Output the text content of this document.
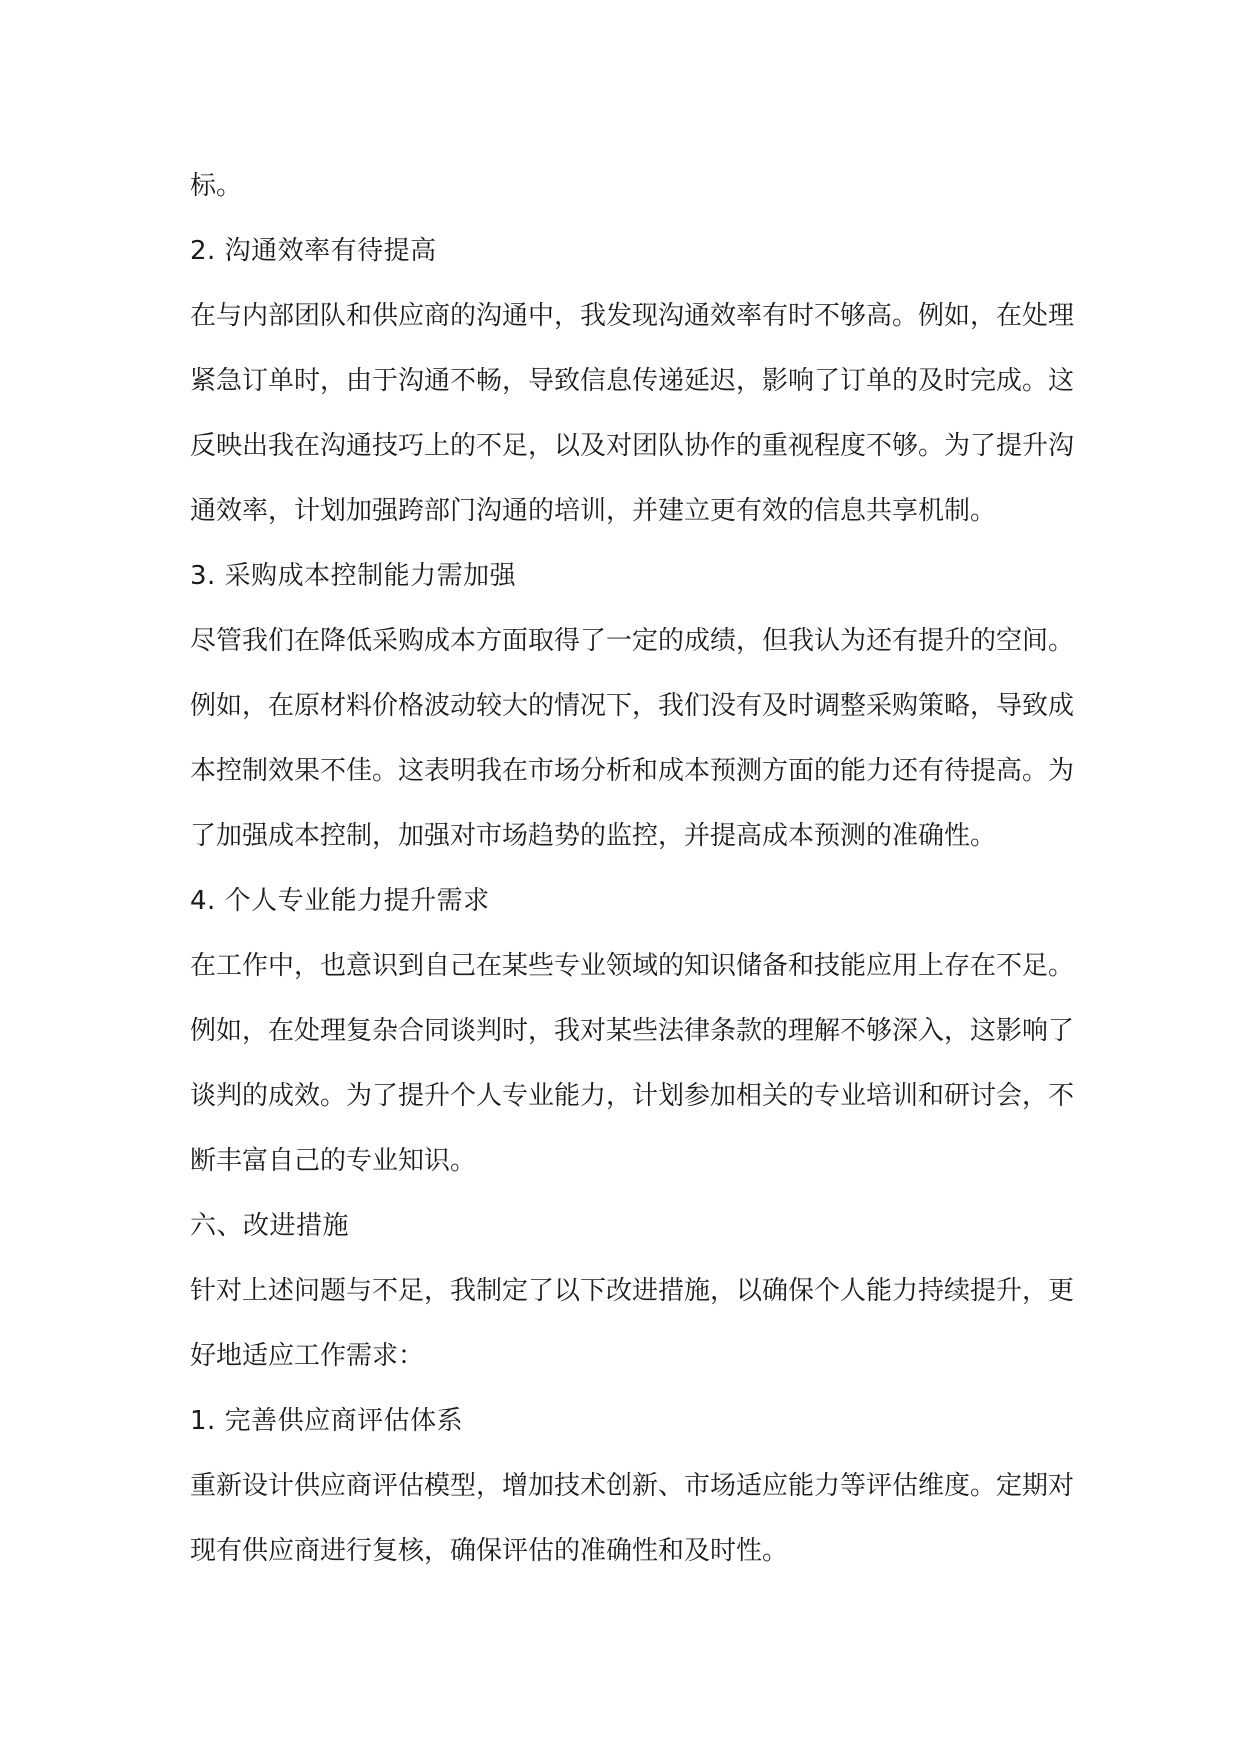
标。
2. 沟通效率有待提高
在与内部团队和供应商的沟通中，我发现沟通效率有时不够高。例如，在处理
紧急订单时，由于沟通不畅，导致信息传递延迟，影响了订单的及时完成。这
反映出我在沟通技巧上的不足，以及对团队协作的重视程度不够。为了提升沟
通效率，计划加强跨部门沟通的培训，并建立更有效的信息共享机制。
3. 采购成本控制能力需加强
尽管我们在降低采购成本方面取得了一定的成绩，但我认为还有提升的空间。
例如，在原材料价格波动较大的情况下，我们没有及时调整采购策略，导致成
本控制效果不佳。这表明我在市场分析和成本预测方面的能力还有待提高。为
了加强成本控制，加强对市场趋势的监控，并提高成本预测的准确性。
4. 个人专业能力提升需求
在工作中，也意识到自己在某些专业领域的知识储备和技能应用上存在不足。
例如，在处理复杂合同谈判时，我对某些法律条款的理解不够深入，这影响了
谈判的成效。为了提升个人专业能力，计划参加相关的专业培训和研讨会，不
断丰富自己的专业知识。
六、改进措施
针对上述问题与不足，我制定了以下改进措施，以确保个人能力持续提升，更
好地适应工作需求：
1. 完善供应商评估体系
重新设计供应商评估模型，增加技术创新、市场适应能力等评估维度。定期对
现有供应商进行复核，确保评估的准确性和及时性。
